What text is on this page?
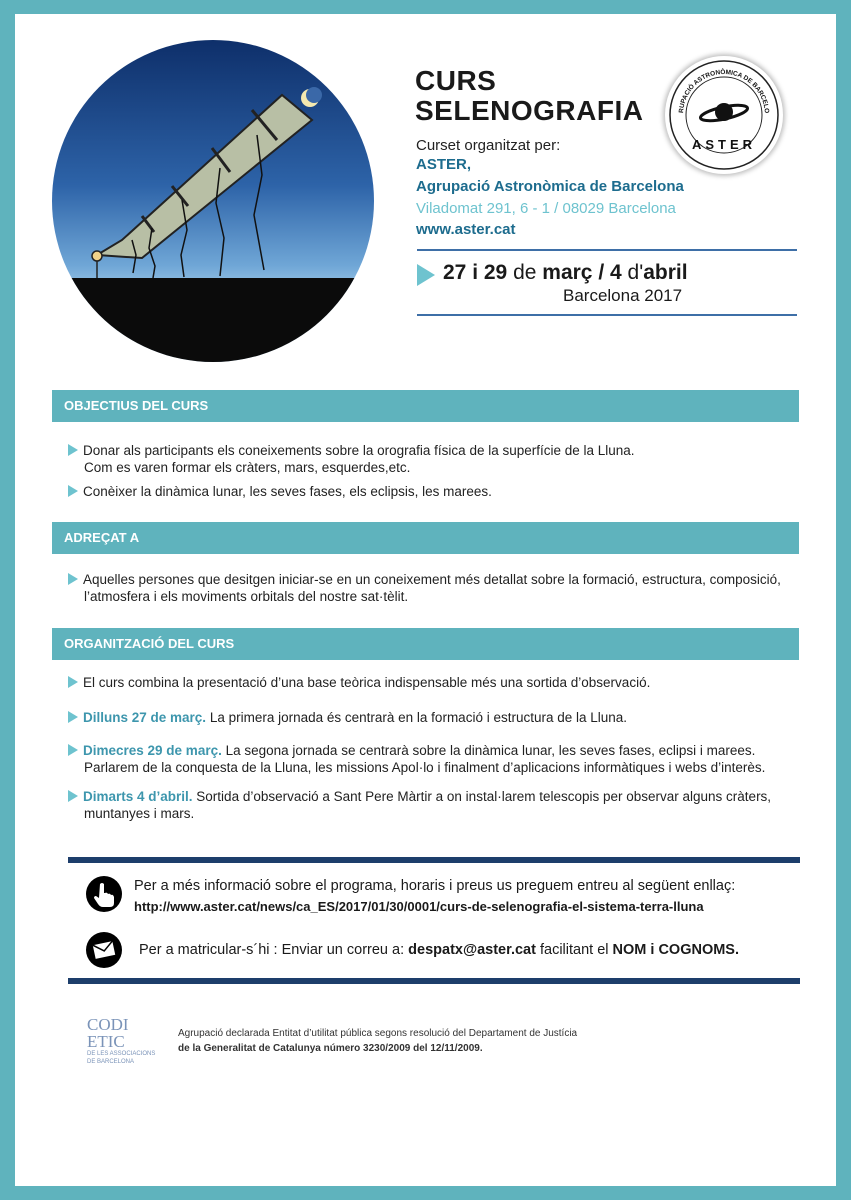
CURS
SELENOGRAFIA
Curset organitzat per:
ASTER,
Agrupació Astronòmica de Barcelona
Viladomat 291, 6 - 1 / 08029 Barcelona
www.aster.cat
27 i 29 de març / 4 d'abril
Barcelona 2017
ASTER
RUPACIÓ ASTRONÒMICA DE BARCELO
OBJECTIUS DEL CURS
Donar als participants els coneixements sobre la orografia física de la superfície de la Lluna.
Com es varen formar els cràters, mars, esquerdes,etc.
Conèixer la dinàmica lunar, les seves fases, els eclipsis, les marees.
ADREÇAT A
Aquelles persones que desitgen iniciar-se en un coneixement més detallat sobre la formació, estructura, composició,
l’atmosfera i els moviments orbitals del nostre sat·tèlit.
ORGANITZACIÓ DEL CURS
El curs combina la presentació d’una base teòrica indispensable més una sortida d’observació.
Dilluns 27 de març. La primera jornada és centrarà en la formació i estructura de la Lluna.
Dimecres 29 de març. La segona jornada se centrarà sobre la dinàmica lunar, les seves fases, eclipsi i marees.
Parlarem de la conquesta de la Lluna, les missions Apol·lo i finalment d’aplicacions informàtiques i webs d’interès.
Dimarts 4 d’abril. Sortida d’observació a Sant Pere Màrtir a on instal·larem telescopis per observar alguns cràters,
muntanyes i mars.
Per a més informació sobre el programa, horaris i preus us preguem entreu al següent enllaç:
http://www.aster.cat/news/ca_ES/2017/01/30/0001/curs-de-selenografia-el-sistema-terra-lluna
Per a matricular-s´hi : Enviar un correu a: despatx@aster.cat facilitant el NOM i COGNOMS.
CODI
ETIC
DE LES ASSOCIACIONS
DE BARCELONA
Agrupació declarada Entitat d’utilitat pública segons resolució del Departament de Justícia
de la Generalitat de Catalunya número 3230/2009 del 12/11/2009.
